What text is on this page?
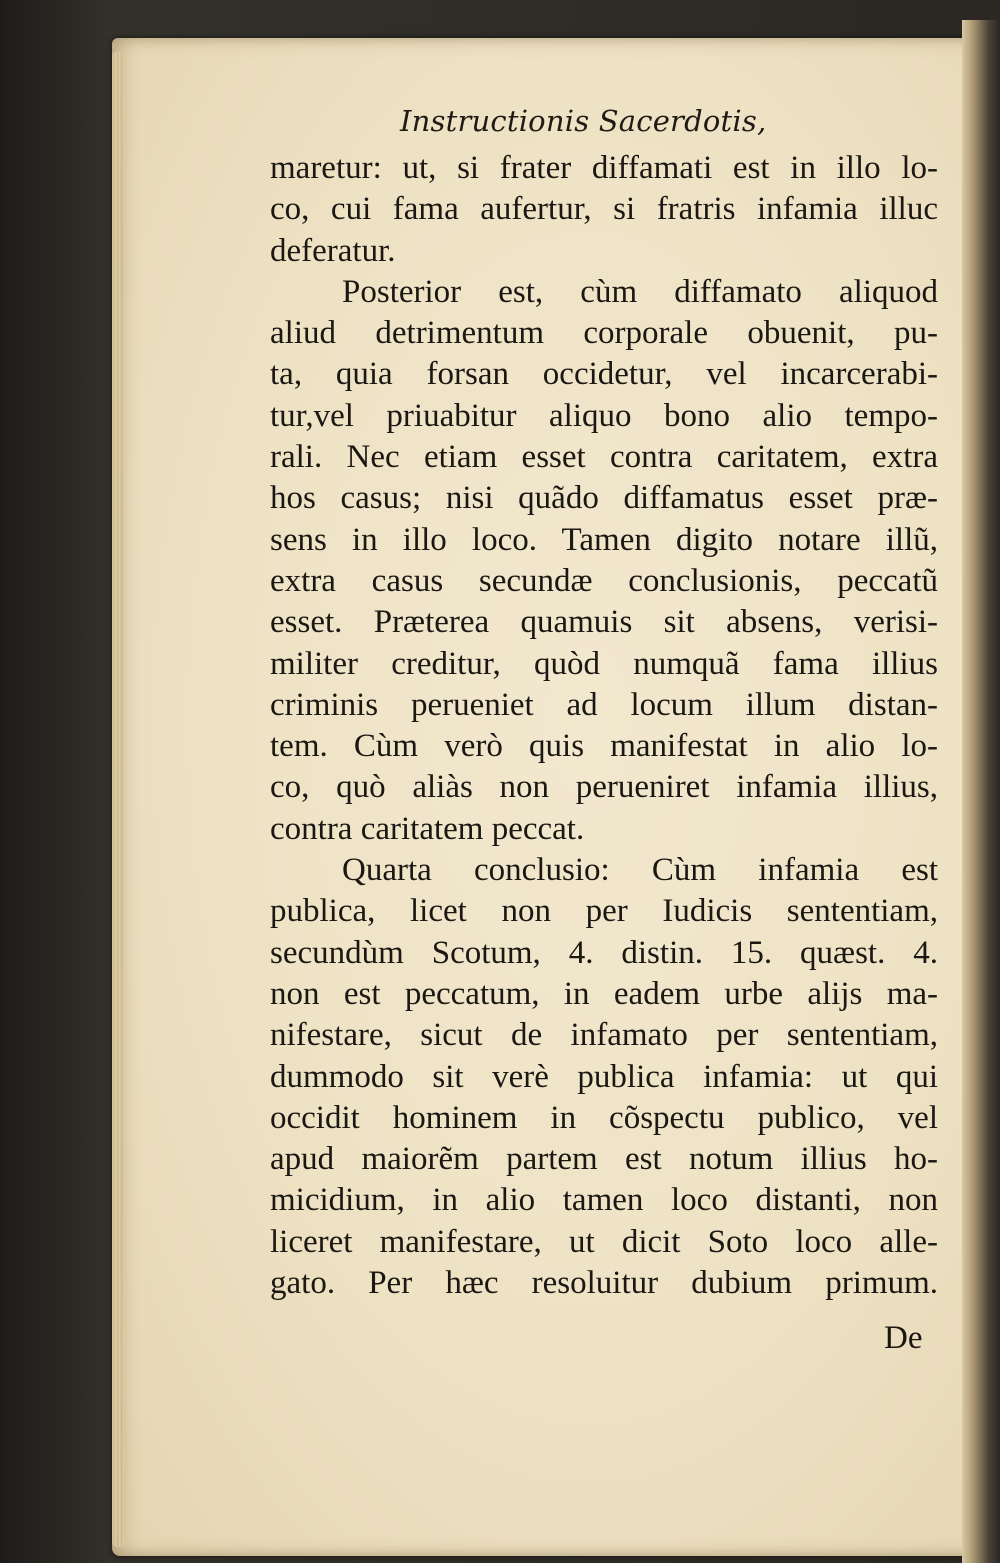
Instructionis Sacerdotis,
maretur: ut, si frater diffamati est in illo lo-
co, cui fama aufertur, si fratris infamia illuc
deferatur.
Posterior est, cùm diffamato aliquod
aliud detrimentum corporale obuenit, pu-
ta, quia forsan occidetur, vel incarcerabi-
tur,vel priuabitur aliquo bono alio tempo-
rali. Nec etiam esset contra caritatem, extra
hos casus; nisi quãdo diffamatus esset præ-
sens in illo loco. Tamen digito notare illũ,
extra casus secundæ conclusionis, peccatũ
esset. Præterea quamuis sit absens, verisi-
militer creditur, quòd numquã fama illius
criminis perueniet ad locum illum distan-
tem. Cùm verò quis manifestat in alio lo-
co, quò aliàs non perueniret infamia illius,
contra caritatem peccat.
Quarta conclusio: Cùm infamia est
publica, licet non per Iudicis sententiam,
secundùm Scotum, 4. distin. 15. quæst. 4.
non est peccatum, in eadem urbe alijs ma-
nifestare, sicut de infamato per sententiam,
dummodo sit verè publica infamia: ut qui
occidit hominem in cõspectu publico, vel
apud maiorẽm partem est notum illius ho-
micidium, in alio tamen loco distanti, non
liceret manifestare, ut dicit Soto loco alle-
gato. Per hæc resoluitur dubium primum.
De
